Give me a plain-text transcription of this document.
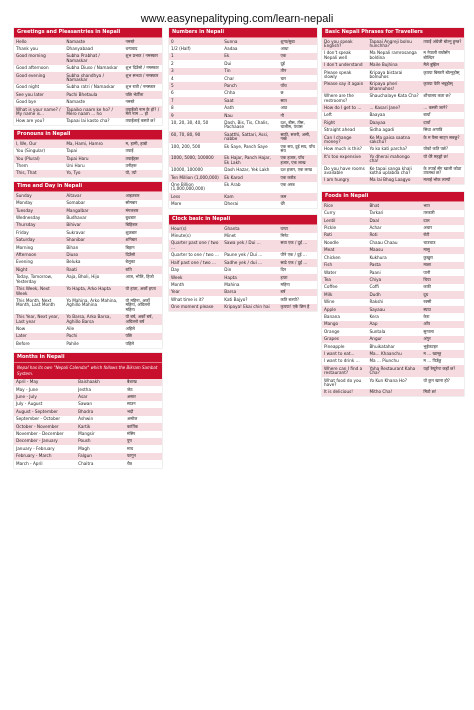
www.easynepalityping.com/learn-nepali
Greetings and Pleasantries in Nepali
Hello	Namaste	नमस्ते
Thank you	Dhanyabaad	धन्यवाद
Good morning	Subha Prabhat / Namaskar	शुभ प्रभात / नमस्कार
Good afternoon	Subha Diuso / Namaskar	शुभ दिउँसो / नमस्कार
Good evening	Subha shandhya / Namaskar	शुभ सन्ध्या / नमस्कार
Good night	Subha ratri / Namaskar	शुभ रात्री / नमस्कार
See you later	Pachi Bhetaula	पछि भेटौँला
Good bye	Namaste	नमस्ते
What is your name? / My name is...	Tapaiko naam ke ho? / Mero naam ... ho	तपाईंको नाम के हो? / मेरो नाम ... हो
How are you?	Tapaai lai kasto cha?	तपाईंलाई कस्तो छ?
Pronouns in Nepali
I, We, Our	Ma, Hami, Hamro	म, हामी, हाम्रो
You (Singular)	Tapai	तपाईं
You (Plural)	Tapai Haru	तपाईंहरू
Them	Uni Haru	उनीहरू
This, That	Yo, Tyo	यो, त्यो
Time and Day in Nepali
Sunday	Aitavar	आइतबार
Monday	Somabar	सोमबार
Tuesday	Mangalbar	मंगलबार
Wednesday	Budhavar	बुधबार
Thursday	Bihivar	बिहिबार
Friday	Sukravar	शुक्रबार
Saturday	Shanibar	शनिबार
Morning	Bihan	बिहान
Afternoon	Diuso	दिउँसो
Evening	Beluka	बेलुका
Night	Raati	राति
Today, Tomorrow, Yesterday	Aaja, Bholi, Hijo	आज, भोलि, हिजो
This Week, Next Week	Yo Hapta, Arko Hapta	यो हप्ता, अर्को हप्ता
This Month, Next Month, Last Month	Yo Mahina, Arko Mahina, Aghillo Mahina	यो महिना, अर्को महिना, अघिल्लो महिना
This Year, Next year, Last year	Yo Barsa, Arko Barsa, Aghillo Barsa	यो बर्ष, अर्को बर्ष, अघिल्लो बर्ष
Now	Aile	अहिले
Later	Pachi	पछि
Before	Pahile	पहिले
Months in Nepali
Nepal has its own "Nepali Calendar" which follows the Bikram Sambat System.
April - May	Baishaakh	बैशाख
May - June	Jestha	जेठ
June - July	Asar	असार
July - August	Sawan	साउन
August - September	Bhadra	भदौ
September - October	Ashwin	असोज
October - November	Kartik	कार्तिक
November - December	Mangsir	मंसिर
December - January	Poush	पुष
January - February	Magh	माघ
February - March	Falgun	फागुन
March - April	Chaitra	चैत्र
Numbers in Nepali
0	Sunna	शुन्य/सुन्ना
1/2 (Half)	Aadaa	आधा
1	Ek	एक
2	Dui	दुई
3	Tin	तीन
4	Char	चार
5	Panch	पाँच
6	Chha	छ
7	Saat	सात
8	Aath	आठ
9	Nau	नौ
10, 20, 30, 40, 50	Dash, Bis, Tis, Chalis, Pachaase	दश, बीस, तीस, चालीस, पचास
60, 70, 80, 90	Saatthi, Sattari, Assi, nabbe	साठी, सत्तरी, असी, नब्बे
100, 200, 500	Ek Saye, Panch Saye	एक सय, दुई सय, पाँच सय
1000, 5000, 100000	Ek Hajar, Panch Hajar, Ek Lakh	एक हजार, पाँच हजार, एक लाख
10000, 100000	Dash Hazar, Yek Lakh	दश हजार, एक लाख
Ten Million (1,000,000)	Ek Karod	एक करोड
One Billion (1,000,000,000)	Ek Arab	एक अरब
Less	Kam	कम
More	Dherai	धेरै
Clock basic in Nepali
Hour(s)	Ghanta	घण्टा
Minute(s)	Minet	मिनेट
Quarter past one / two ...	Sawa yek / Dui ...	सवा एक / दुई ...
Quarter to one / two ...	Paune yek / Dui ...	पौने एक / दुई ...
Half past one / two ...	Sadhe yek / dui ...	साढे एक / दुई ...
Day	Din	दिन
Week	Hapta	हप्ता
Month	Mahina	महिना
Year	Barsa	बर्ष
What time is it?	Kati Bajyo?	कति बज्यो?
One moment please	Kripaya! Ekai chin hai	कृपया! एकै छिन है
Basic Nepali Phrases for Travellers
Do you speak English?	Tapaai Angreji bolnu hunchha?	तपाईं अंग्रेजी बोल्नु हुन्छ?
I don't speak Nepali well	Ma Nepali ramrosanga boldina	म नेपाली राम्रोसँग बोल्दिन
I don't understand	Maile Bujhina	मैले बुझिन
Please speak slowly	Kripaya bistarai bolnuhos	कृपया बिस्तारै बोल्नुहोस्
Please say it again	Kripaya pheri bhannuhos!	कृपया फेरि भन्नुहोस्
Where are the restrooms?	Shauchalaye Kata Cha?	शौचालय कता छ?
How do I get to ...	... Kasari Jane?	... कसरी जाने?
Left	Baayaa	बायाँ
Right	Daayaa	दायाँ
Straight ahead	Sidha agadi	सिधा अगाडि
Can I change money?	Ke Ma paisa saatna sakchu?	के म पैसा साट्न सक्छु?
How much is this?	Yo ko kati parcha?	योको कति पर्छ?
It's too expensive	Yo dherai mahongo cha!	यो धेरै महङ्गो छ!
Do you have rooms available	Ke tapai sanga khali kotha uplabda cha?	के तपाईं सँग खाली कोठा उपलब्ध छ?
I am hungry	Ma lai Bhog Laagyo	मलाई भोक लाग्यो
Foods in Nepali
Rice	Bhat	भात
Curry	Tarkari	तरकारी
Lentil	Daal	दाल
Pickle	Achar	अचार
Roti	Roti	रोटी
Noodle	Chaau Chaau	चाउचाउ
Meat	Maasu	मासु
Chicken	Kukhura	कुखुरा
Fish	Pasta	माछा
Water	Paani	पानी
Tea	Chiya	चिया
Coffee	Coffi	कफी
Milk	Dudh	दूध
Wine	Rakshi	रक्सी
Apple	Sayaau	स्याउ
Banana	Kera	केरा
Mango	Aap	आँप
Orange	Suntala	सुन्तला
Grapes	Angur	अंगुर
Pineapple	Bhuikatahar	भुईकटहर
I want to eat...	Ma... Khaanchu	म ... खान्छु
I want to drink ...	Ma ... Piunchu	म ... पिउँछु
Where can I find a restaurant?	Yaha Restaurant Kaha Cha?	यहाँ रेस्टुरेन्ट कहाँ छ?
What food do you have?	Yo Kun Khana Ho?	यो कुन खाना हो?
It is delicious!	Mitho Cha!	मिठो छ!
